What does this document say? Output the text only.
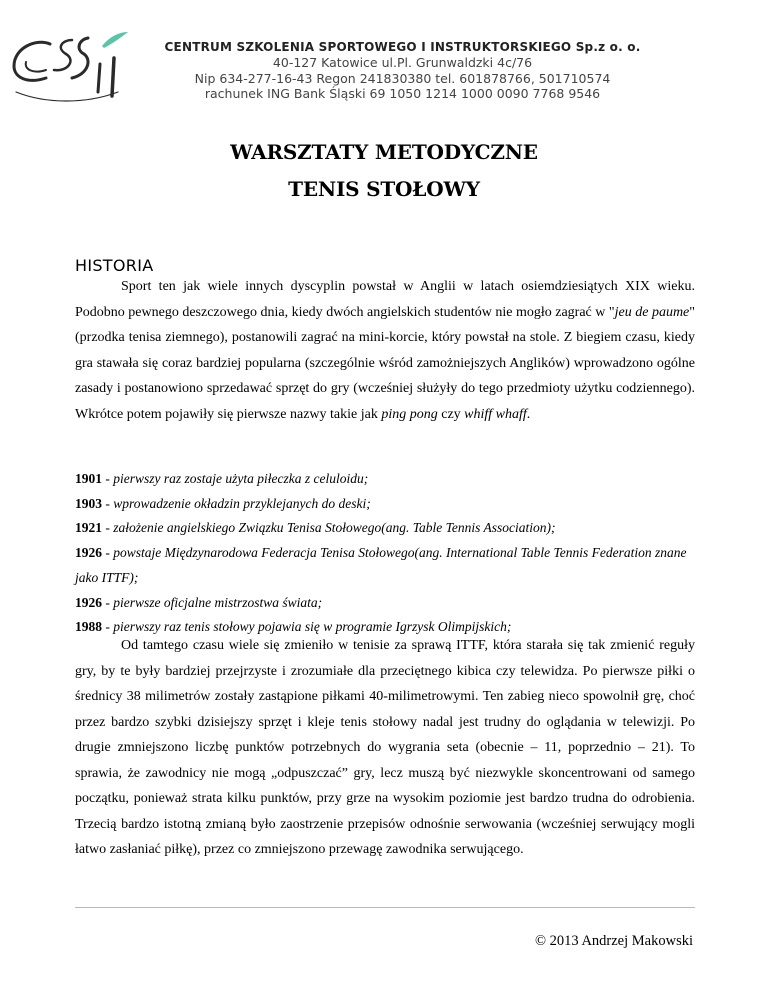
CENTRUM SZKOLENIA SPORTOWEGO I INSTRUKTORSKIEGO Sp.z o. o.
40-127 Katowice ul.Pl. Grunwaldzki 4c/76
Nip 634-277-16-43 Regon 241830380 tel. 601878766, 501710574
rachunek ING Bank Śląski 69 1050 1214 1000 0090 7768 9546
WARSZTATY METODYCZNE
TENIS STOŁOWY
HISTORIA

Sport ten jak wiele innych dyscyplin powstał w Anglii w latach osiemdziesiątych XIX wieku. Podobno pewnego deszczowego dnia, kiedy dwóch angielskich studentów nie mogło zagrać w "jeu de paume" (przodka tenisa ziemnego), postanowili zagrać na mini-korcie, który powstał na stole. Z biegiem czasu, kiedy gra stawała się coraz bardziej popularna (szczególnie wśród zamożniejszych Anglików) wprowadzono ogólne zasady i postanowiono sprzedawać sprzęt do gry (wcześniej służyły do tego przedmioty użytku codziennego). Wkrótce potem pojawiły się pierwsze nazwy takie jak ping pong czy whiff whaff.

1901 - pierwszy raz zostaje użyta piłeczka z celuloidu;

1903 - wprowadzenie okładzin przyklejanych do deski;

1921 - założenie angielskiego Związku Tenisa Stołowego(ang. Table Tennis Association);

1926 - powstaje Międzynarodowa Federacja Tenisa Stołowego(ang. International Table Tennis Federation znane jako ITTF);

1926 - pierwsze oficjalne mistrzostwa świata;

1988 - pierwszy raz tenis stołowy pojawia się w programie Igrzysk Olimpijskich;

Od tamtego czasu wiele się zmieniło w tenisie za sprawą ITTF, która starała się tak zmienić reguły gry, by te były bardziej przejrzyste i zrozumiałe dla przeciętnego kibica czy telewidza. Po pierwsze piłki o średnicy 38 milimetrów zostały zastąpione piłkami 40-milimetrowymi. Ten zabieg nieco spowolnił grę, choć przez bardzo szybki dzisiejszy sprzęt i kleje tenis stołowy nadal jest trudny do oglądania w telewizji. Po drugie zmniejszono liczbę punktów potrzebnych do wygrania seta (obecnie – 11, poprzednio – 21). To sprawia, że zawodnicy nie mogą „odpuszczać” gry, lecz muszą być niezwykle skoncentrowani od samego początku, ponieważ strata kilku punktów, przy grze na wysokim poziomie jest bardzo trudna do odrobienia. Trzecią bardzo istotną zmianą było zaostrzenie przepisów odnośnie serwowania (wcześniej serwujący mogli łatwo zasłaniać piłkę), przez co zmniejszono przewagę zawodnika serwującego.

© 2013 Andrzej Makowski
